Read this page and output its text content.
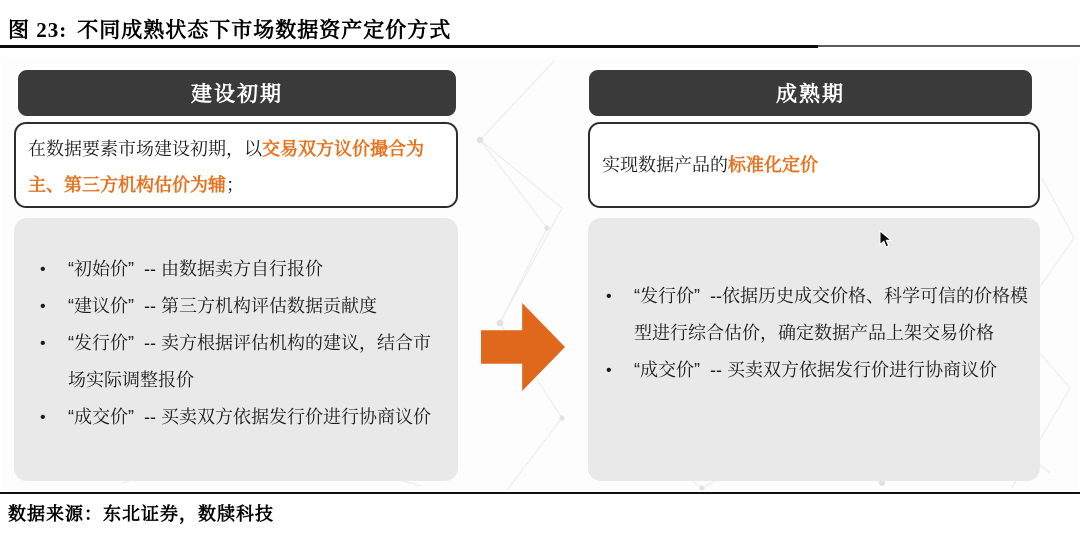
图 23: 不同成熟状态下市场数据资产定价方式
建设初期
在数据要素市场建设初期，以交易双方议价撮合为主、第三方机构估价为辅；
•	“初始价”  -- 由数据卖方自行报价
•	“建议价”  -- 第三方机构评估数据贡献度
•	“发行价”  -- 卖方根据评估机构的建议，结合市场实际调整报价
•	“成交价”  -- 买卖双方依据发行价进行协商议价
成熟期
实现数据产品的标准化定价
•	“发行价”  --依据历史成交价格、科学可信的价格模型进行综合估价，确定数据产品上架交易价格
•	“成交价”  -- 买卖双方依据发行价进行协商议价
数据来源：东北证券，数牍科技
